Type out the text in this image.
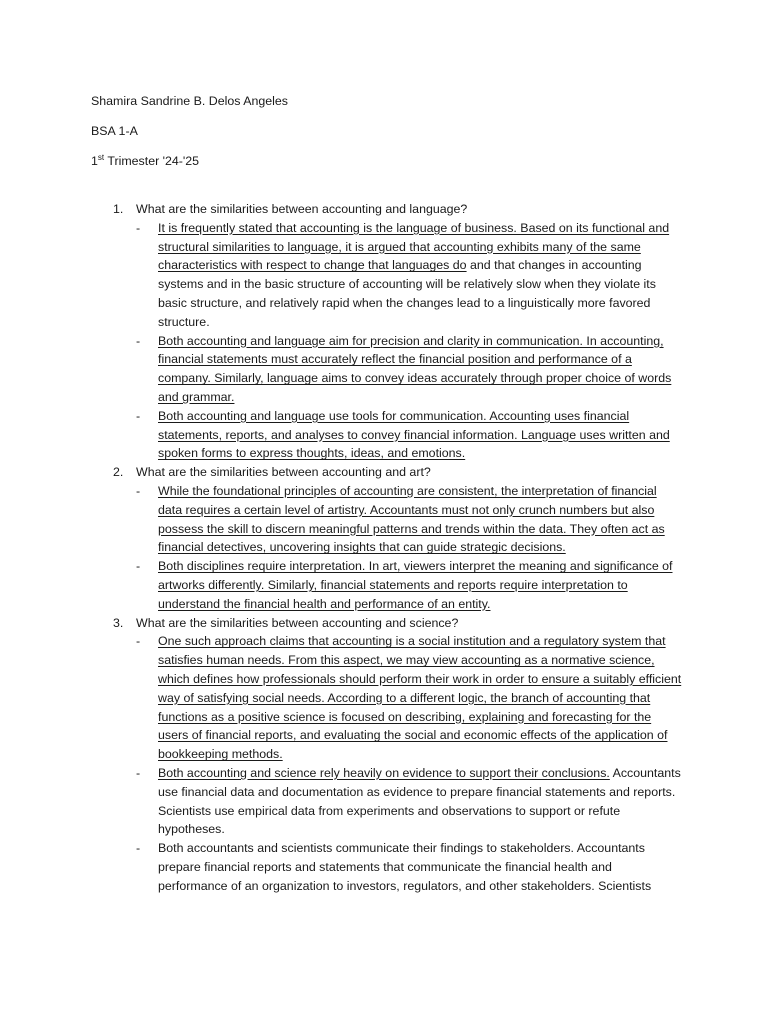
Shamira Sandrine B. Delos Angeles
BSA 1-A
1st Trimester '24-'25
1. What are the similarities between accounting and language?
- It is frequently stated that accounting is the language of business. Based on its functional and structural similarities to language, it is argued that accounting exhibits many of the same characteristics with respect to change that languages do and that changes in accounting systems and in the basic structure of accounting will be relatively slow when they violate its basic structure, and relatively rapid when the changes lead to a linguistically more favored structure.
- Both accounting and language aim for precision and clarity in communication. In accounting, financial statements must accurately reflect the financial position and performance of a company. Similarly, language aims to convey ideas accurately through proper choice of words and grammar.
- Both accounting and language use tools for communication. Accounting uses financial statements, reports, and analyses to convey financial information. Language uses written and spoken forms to express thoughts, ideas, and emotions.
2. What are the similarities between accounting and art?
- While the foundational principles of accounting are consistent, the interpretation of financial data requires a certain level of artistry. Accountants must not only crunch numbers but also possess the skill to discern meaningful patterns and trends within the data. They often act as financial detectives, uncovering insights that can guide strategic decisions.
- Both disciplines require interpretation. In art, viewers interpret the meaning and significance of artworks differently. Similarly, financial statements and reports require interpretation to understand the financial health and performance of an entity.
3. What are the similarities between accounting and science?
- One such approach claims that accounting is a social institution and a regulatory system that satisfies human needs. From this aspect, we may view accounting as a normative science, which defines how professionals should perform their work in order to ensure a suitably efficient way of satisfying social needs. According to a different logic, the branch of accounting that functions as a positive science is focused on describing, explaining and forecasting for the users of financial reports, and evaluating the social and economic effects of the application of bookkeeping methods.
- Both accounting and science rely heavily on evidence to support their conclusions. Accountants use financial data and documentation as evidence to prepare financial statements and reports. Scientists use empirical data from experiments and observations to support or refute hypotheses.
- Both accountants and scientists communicate their findings to stakeholders. Accountants prepare financial reports and statements that communicate the financial health and performance of an organization to investors, regulators, and other stakeholders. Scientists
